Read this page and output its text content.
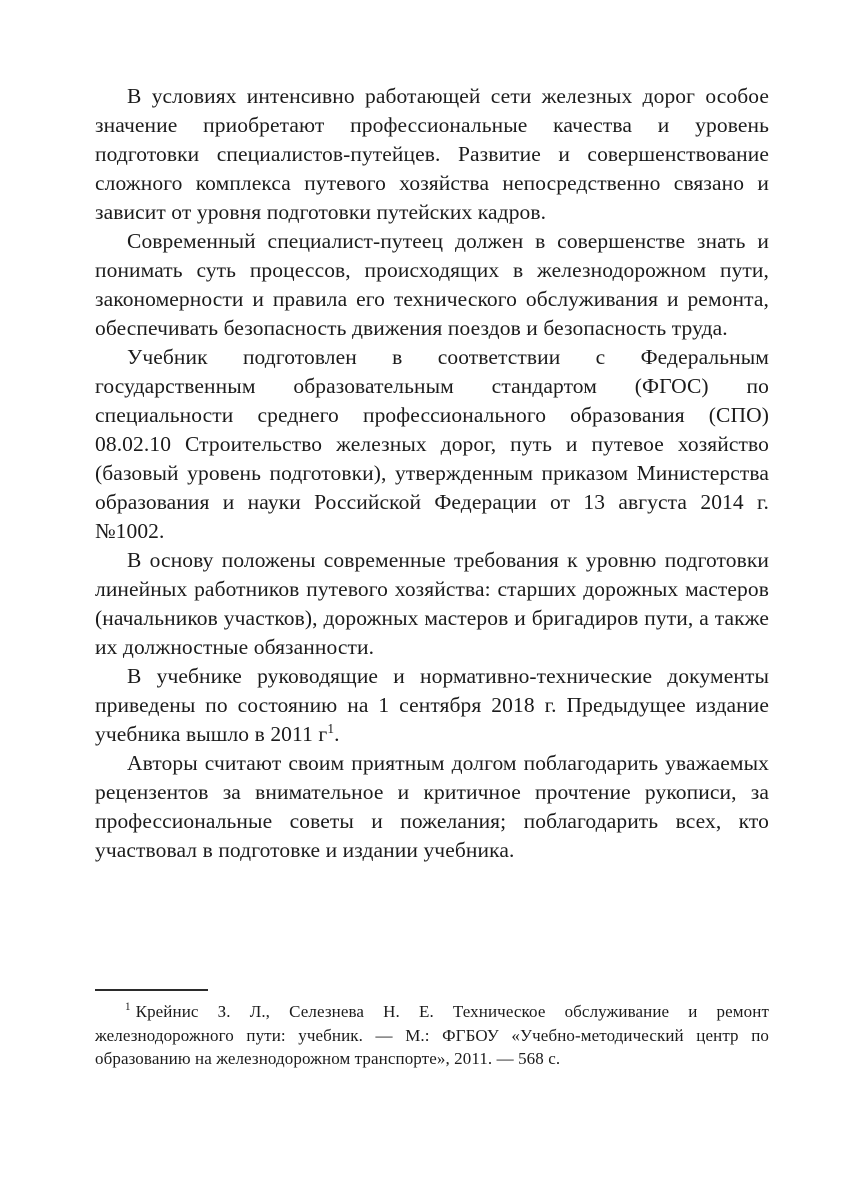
В условиях интенсивно работающей сети железных дорог особое значение приобретают профессиональные качества и уровень подготовки специалистов-путейцев. Развитие и совершенствование сложного комплекса путевого хозяйства непосредственно связано и зависит от уровня подготовки путейских кадров.

Современный специалист-путеец должен в совершенстве знать и понимать суть процессов, происходящих в железнодорожном пути, закономерности и правила его технического обслуживания и ремонта, обеспечивать безопасность движения поездов и безопасность труда.

Учебник подготовлен в соответствии с Федеральным государственным образовательным стандартом (ФГОС) по специальности среднего профессионального образования (СПО) 08.02.10 Строительство железных дорог, путь и путевое хозяйство (базовый уровень подготовки), утвержденным приказом Министерства образования и науки Российской Федерации от 13 августа 2014 г. №1002.

В основу положены современные требования к уровню подготовки линейных работников путевого хозяйства: старших дорожных мастеров (начальников участков), дорожных мастеров и бригадиров пути, а также их должностные обязанности.

В учебнике руководящие и нормативно-технические документы приведены по состоянию на 1 сентября 2018 г. Предыдущее издание учебника вышло в 2011 г$^1$.

Авторы считают своим приятным долгом поблагодарить уважаемых рецензентов за внимательное и критичное прочтение рукописи, за профессиональные советы и пожелания; поблагодарить всех, кто участвовал в подготовке и издании учебника.

$^1$ Крейнис З. Л., Селезнева Н. Е. Техническое обслуживание и ремонт железнодорожного пути: учебник. — М.: ФГБОУ «Учебно-методический центр по образованию на железнодорожном транспорте», 2011. — 568 с.
